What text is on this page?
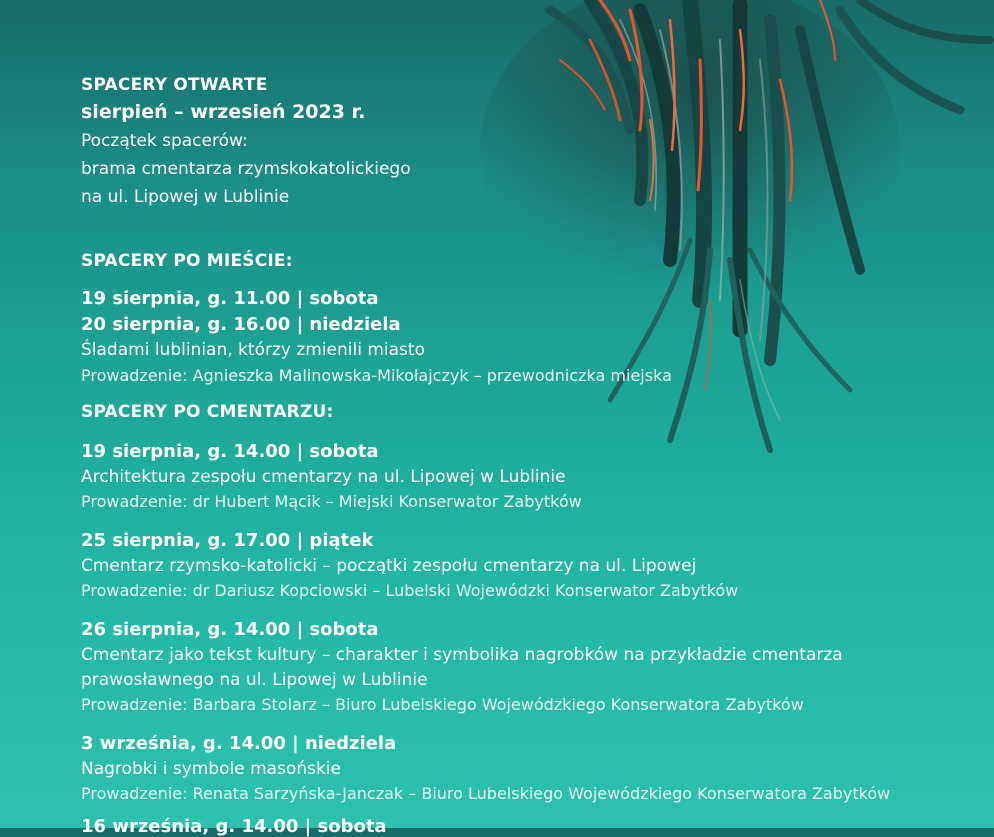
SPACERY OTWARTE
sierpień – wrzesień 2023 r.
Początek spacerów:
brama cmentarza rzymskokatolickiego
na ul. Lipowej w Lublinie
SPACERY PO MIEŚCIE:
19 sierpnia, g. 11.00 | sobota
20 sierpnia, g. 16.00 | niedziela
Śladami lublinian, którzy zmienili miasto
Prowadzenie: Agnieszka Malinowska-Mikołajczyk – przewodniczka miejska
SPACERY PO CMENTARZU:
19 sierpnia, g. 14.00 | sobota
Architektura zespołu cmentarzy na ul. Lipowej w Lublinie
Prowadzenie: dr Hubert Mącik – Miejski Konserwator Zabytków
25 sierpnia, g. 17.00 | piątek
Cmentarz rzymsko-katolicki – początki zespołu cmentarzy na ul. Lipowej
Prowadzenie: dr Dariusz Kopciowski – Lubelski Wojewódzki Konserwator Zabytków
26 sierpnia, g. 14.00 | sobota
Cmentarz jako tekst kultury – charakter i symbolika nagrobków na przykładzie cmentarza
prawosławnego na ul. Lipowej w Lublinie
Prowadzenie: Barbara Stolarz – Biuro Lubelskiego Wojewódzkiego Konserwatora Zabytków
3 września, g. 14.00 | niedziela
Nagrobki i symbole masońskie
Prowadzenie: Renata Sarzyńska-Janczak – Biuro Lubelskiego Wojewódzkiego Konserwatora Zabytków
16 września, g. 14.00 | sobota
